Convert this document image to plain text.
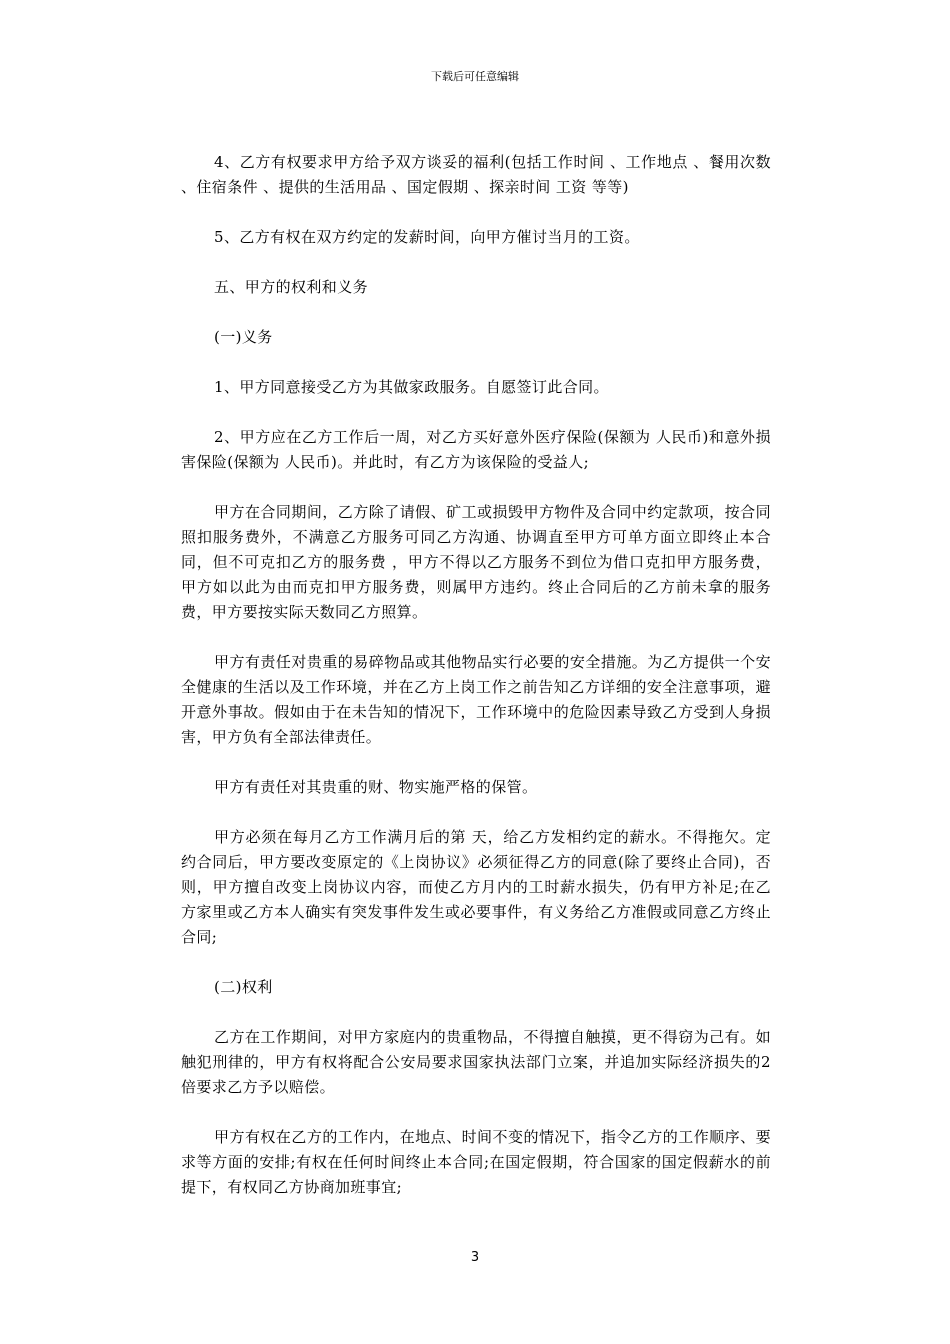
下载后可任意编辑

4、乙方有权要求甲方给予双方谈妥的福利(包括工作时间 、工作地点 、餐用次数 、住宿条件 、提供的生活用品 、国定假期 、探亲时间 工资 等等)

5、乙方有权在双方约定的发薪时间，向甲方催讨当月的工资。

五、甲方的权利和义务

(一)义务

1、甲方同意接受乙方为其做家政服务。自愿签订此合同。

2、甲方应在乙方工作后一周，对乙方买好意外医疗保险(保额为 人民币)和意外损害保险(保额为 人民币)。并此时，有乙方为该保险的受益人;

甲方在合同期间，乙方除了请假、矿工或损毁甲方物件及合同中约定款项，按合同照扣服务费外，不满意乙方服务可同乙方沟通、协调直至甲方可单方面立即终止本合同，但不可克扣乙方的服务费 ，甲方不得以乙方服务不到位为借口克扣甲方服务费，甲方如以此为由而克扣甲方服务费，则属甲方违约。终止合同后的乙方前未拿的服务费，甲方要按实际天数同乙方照算。

甲方有责任对贵重的易碎物品或其他物品实行必要的安全措施。为乙方提供一个安全健康的生活以及工作环境，并在乙方上岗工作之前告知乙方详细的安全注意事项，避开意外事故。假如由于在未告知的情况下，工作环境中的危险因素导致乙方受到人身损害，甲方负有全部法律责任。

甲方有责任对其贵重的财、物实施严格的保管。

甲方必须在每月乙方工作满月后的第 天，给乙方发相约定的薪水。不得拖欠。定约合同后，甲方要改变原定的《上岗协议》必须征得乙方的同意(除了要终止合同)，否则，甲方擅自改变上岗协议内容，而使乙方月内的工时薪水损失，仍有甲方补足;在乙方家里或乙方本人确实有突发事件发生或必要事件，有义务给乙方准假或同意乙方终止合同;

(二)权利

乙方在工作期间，对甲方家庭内的贵重物品，不得擅自触摸，更不得窃为己有。如触犯刑律的，甲方有权将配合公安局要求国家执法部门立案，并追加实际经济损失的2倍要求乙方予以赔偿。

甲方有权在乙方的工作内，在地点、时间不变的情况下，指令乙方的工作顺序、要求等方面的安排;有权在任何时间终止本合同;在国定假期，符合国家的国定假薪水的前提下，有权同乙方协商加班事宜;

3
